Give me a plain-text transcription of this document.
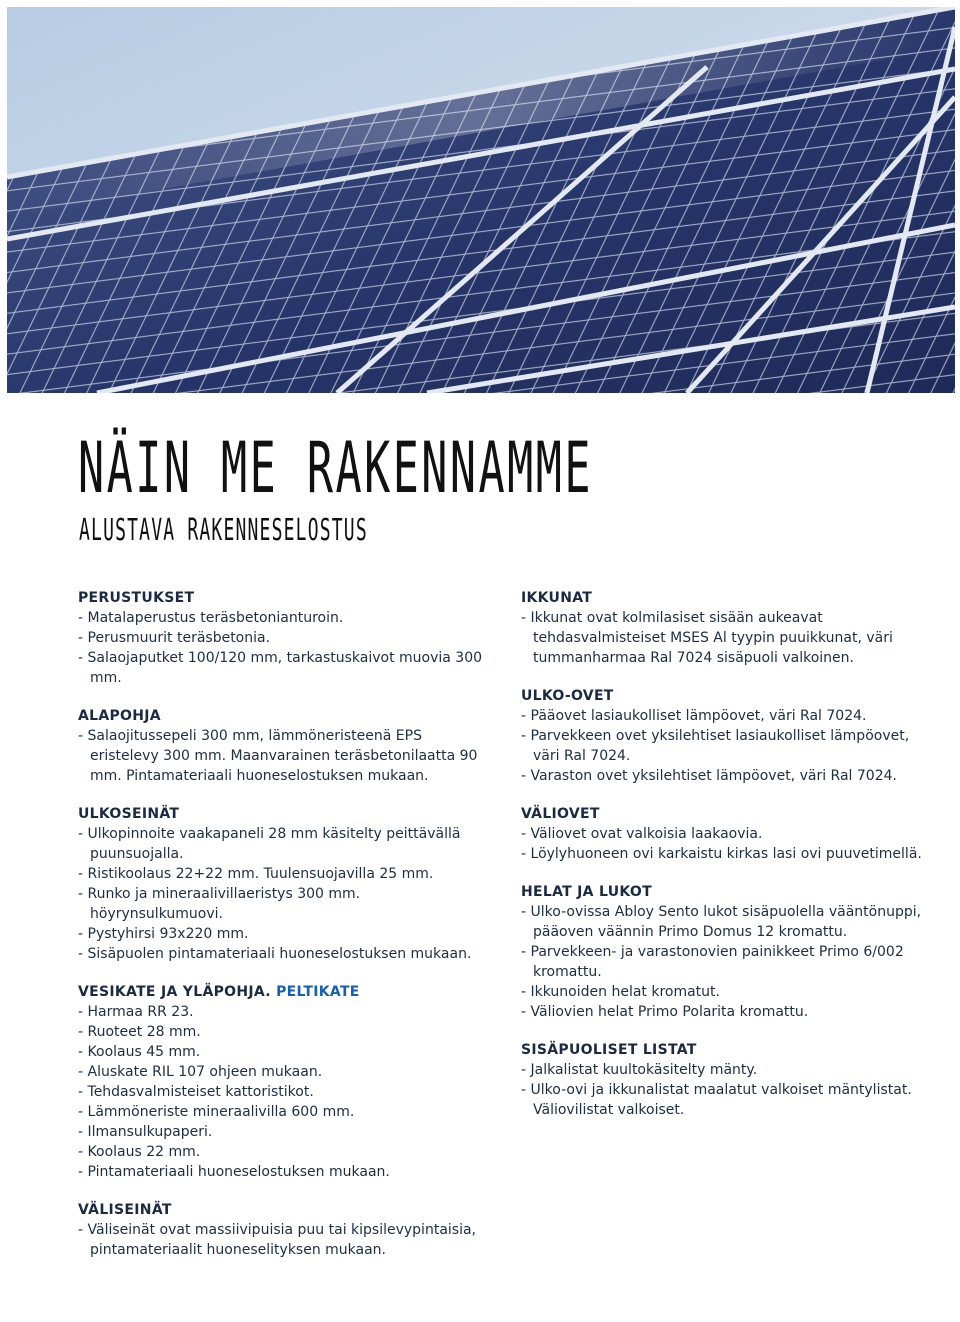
NÄIN ME RAKENNAMME
ALUSTAVA RAKENNESELOSTUS
PERUSTUKSET
- Matalaperustus teräsbetonianturoin.
- Perusmuurit teräsbetonia.
- Salaojaputket 100/120 mm, tarkastuskaivot muovia 300 mm.
ALAPOHJA
- Salaojitussepeli 300 mm, lämmöneristeenä EPS eristelevy 300 mm. Maanvarainen teräsbetonilaatta 90 mm. Pintamateriaali huoneselostuksen mukaan.
ULKOSEINÄT
- Ulkopinnoite vaakapaneli 28 mm käsitelty peittävällä puunsuojalla.
- Ristikoolaus 22+22 mm. Tuulensuojavilla 25 mm.
- Runko ja mineraalivillaeristys 300 mm. höyrynsulkumuovi.
- Pystyhirsi 93x220 mm.
- Sisäpuolen pintamateriaali huoneselostuksen mukaan.
VESIKATE JA YLÄPOHJA. PELTIKATE
- Harmaa RR 23.
- Ruoteet 28 mm.
- Koolaus 45 mm.
- Aluskate RIL 107 ohjeen mukaan.
- Tehdasvalmisteiset kattoristikot.
- Lämmöneriste mineraalivilla 600 mm.
- Ilmansulkupaperi.
- Koolaus 22 mm.
- Pintamateriaali huoneselostuksen mukaan.
VÄLISEINÄT
- Väliseinät ovat massiivipuisia puu tai kipsilevypintaisia, pintamateriaalit huoneselityksen mukaan.
IKKUNAT
- Ikkunat ovat kolmilasiset sisään aukeavat tehdasvalmisteiset MSES Al tyypin puuikkunat, väri tummanharmaa Ral 7024 sisäpuoli valkoinen.
ULKO-OVET
- Pääovet lasiaukolliset lämpöovet, väri Ral 7024.
- Parvekkeen ovet yksilehtiset lasiaukolliset lämpöovet, väri Ral 7024.
- Varaston ovet yksilehtiset lämpöovet, väri Ral 7024.
VÄLIOVET
- Väliovet ovat valkoisia laakaovia.
- Löylyhuoneen ovi karkaistu kirkas lasi ovi puuvetimellä.
HELAT JA LUKOT
- Ulko-ovissa Abloy Sento lukot sisäpuolella vääntönuppi, pääoven väännin Primo Domus 12 kromattu.
- Parvekkeen- ja varastonovien painikkeet Primo 6/002 kromattu.
- Ikkunoiden helat kromatut.
- Väliovien helat Primo Polarita kromattu.
SISÄPUOLISET LISTAT
- Jalkalistat kuultokäsitelty mänty.
- Ulko-ovi ja ikkunalistat maalatut valkoiset mäntylistat. Väliovilistat valkoiset.
